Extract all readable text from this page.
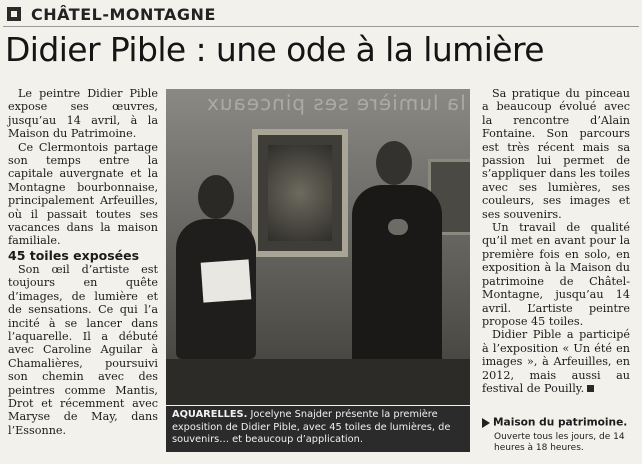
CHÂTEL-MONTAGNE
Didier Pible : une ode à la lumière

Le peintre Didier Pible expose ses œuvres, jusqu’au 14 avril, à la Maison du Patrimoine.

Ce Clermontois partage son temps entre la capitale auvergnate et la Montagne bourbonnaise, principalement Arfeuilles, où il passait toutes ses vacances dans la maison familiale.

45 toiles exposées

Son œil d’artiste est toujours en quête d’images, de lumière et de sensations. Ce qui l’a incité à se lancer dans l’aquarelle. Il a débuté avec Caroline Aguilar à Chamalières, poursuivi son chemin avec des peintres comme Mantis, Drot et récemment avec Maryse de May, dans l’Essonne.

la lumière ses pinceaux
AQUARELLES. Jocelyne Snajder présente la première exposition de Didier Pible, avec 45 toiles de lumières, de souvenirs… et beaucoup d’application.

Sa pratique du pinceau a beaucoup évolué avec la rencontre d’Alain Fontaine. Son parcours est très récent mais sa passion lui permet de s’appliquer dans les toiles avec ses lumières, ses couleurs, ses images et ses souvenirs.

Un travail de qualité qu’il met en avant pour la première fois en solo, en exposition à la Maison du patrimoine de Châtel-Montagne, jusqu’au 14 avril. L’artiste peintre propose 45 toiles.

Didier Pible a participé à l’exposition « Un été en images », à Arfeuilles, en 2012, mais aussi au festival de Pouilly.

Maison du patrimoine.
Ouverte tous les jours, de 14 heures à 18 heures.
